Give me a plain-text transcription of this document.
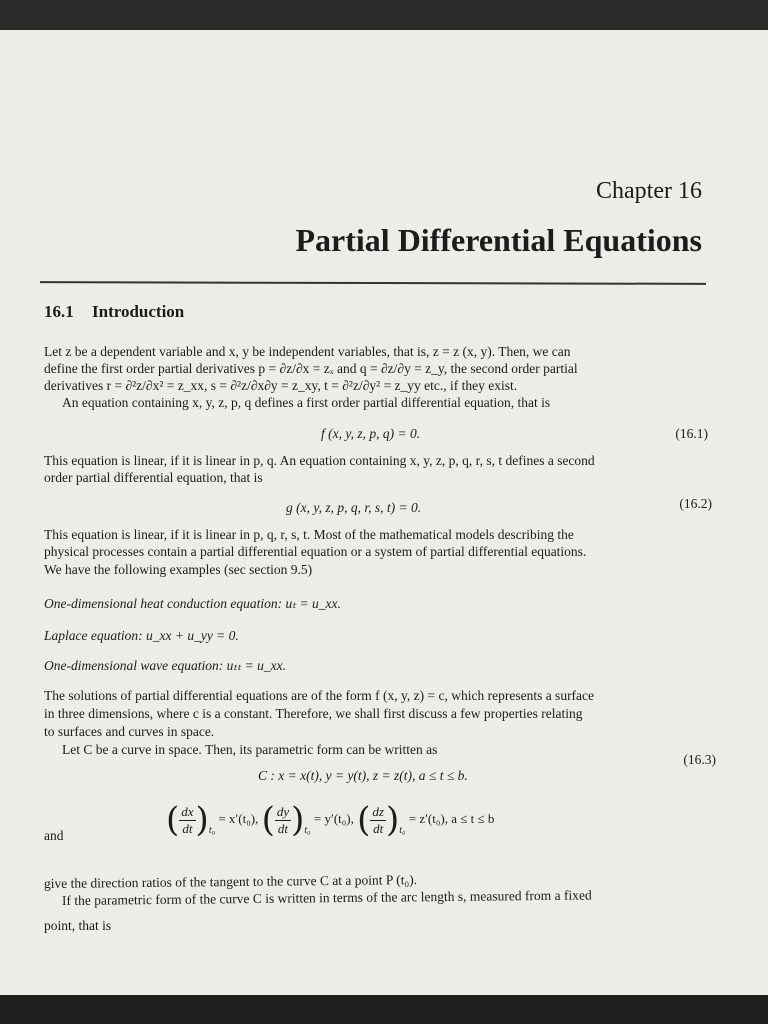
Chapter 16
Partial Differential Equations
16.1 Introduction
Let z be a dependent variable and x, y be independent variables, that is, z = z (x, y). Then, we can
define the first order partial derivatives p = ∂z/∂x = zₓ and q = ∂z/∂y = z_y, the second order partial
derivatives r = ∂²z/∂x² = z_xx, s = ∂²z/∂x∂y = z_xy, t = ∂²z/∂y² = z_yy etc., if they exist.
An equation containing x, y, z, p, q defines a first order partial differential equation, that is
f (x, y, z, p, q) = 0.	(16.1)
This equation is linear, if it is linear in p, q. An equation containing x, y, z, p, q, r, s, t defines a second
order partial differential equation, that is
g (x, y, z, p, q, r, s, t) = 0.	(16.2)
This equation is linear, if it is linear in p, q, r, s, t. Most of the mathematical models describing the
physical processes contain a partial differential equation or a system of partial differential equations.
We have the following examples (sec section 9.5)
One-dimensional heat conduction equation: uₜ = u_xx.
Laplace equation: u_xx + u_yy = 0.
One-dimensional wave equation: uₜₜ = u_xx.
The solutions of partial differential equations are of the form f (x, y, z) = c, which represents a surface
in three dimensions, where c is a constant. Therefore, we shall first discuss a few properties relating
to surfaces and curves in space.
Let C be a curve in space. Then, its parametric form can be written as
C : x = x(t), y = y(t), z = z(t), a ≤ t ≤ b.
(16.3)
and	( $\frac{dx}{dt} )_{t_0} = x'(t_0)$, ( $\frac{dy}{dt} )_{t_0} = y'(t_0)$, ( $\frac{dz}{dt} )_{t_0} = z'(t_0)$, a ≤ t ≤ b
give the direction ratios of the tangent to the curve C at a point P (t₀).
If the parametric form of the curve C is written in terms of the arc length s, measured from a fixed
point, that is
